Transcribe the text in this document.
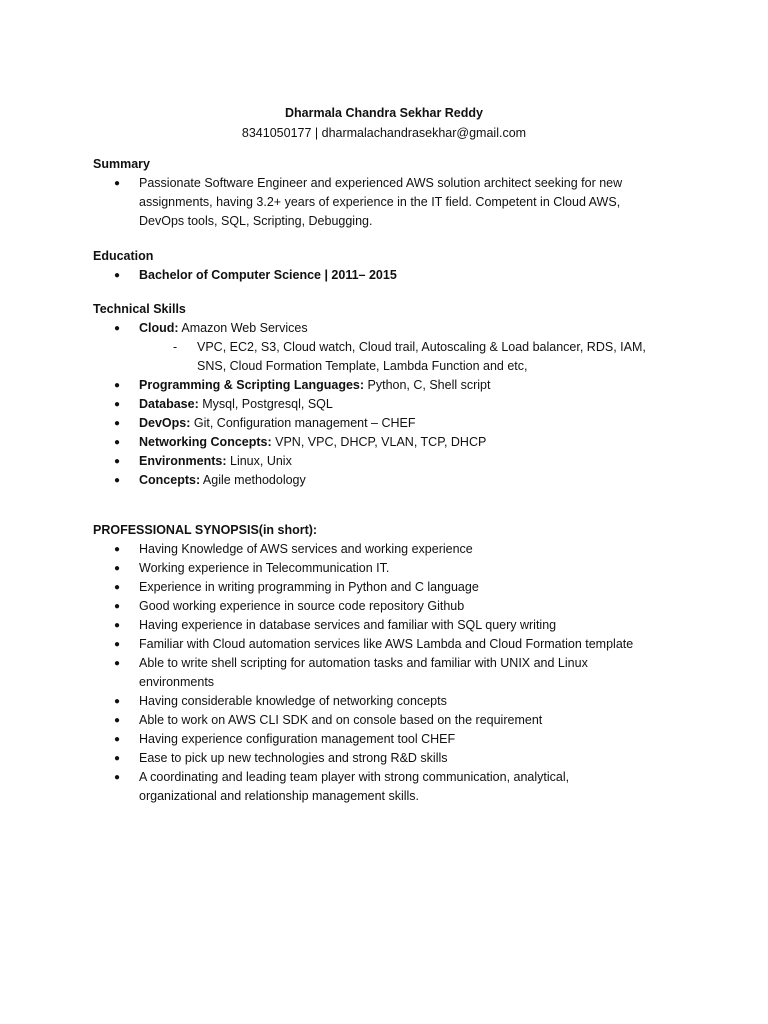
Dharmala Chandra Sekhar Reddy
8341050177 | dharmalachandrasekhar@gmail.com
Summary
● Passionate Software Engineer and experienced AWS solution architect seeking for new
assignments, having 3.2+ years of experience in the IT field. Competent in Cloud AWS,
DevOps tools, SQL, Scripting, Debugging.
Education
● Bachelor of Computer Science | 2011– 2015
Technical Skills
● Cloud: Amazon Web Services
- VPC, EC2, S3, Cloud watch, Cloud trail, Autoscaling & Load balancer, RDS, IAM,
SNS, Cloud Formation Template, Lambda Function and etc,
● Programming & Scripting Languages: Python, C, Shell script
● Database: Mysql, Postgresql, SQL
● DevOps: Git, Configuration management – CHEF
● Networking Concepts: VPN, VPC, DHCP, VLAN, TCP, DHCP
● Environments: Linux, Unix
● Concepts: Agile methodology
PROFESSIONAL SYNOPSIS(in short):
● Having Knowledge of AWS services and working experience
● Working experience in Telecommunication IT.
● Experience in writing programming in Python and C language
● Good working experience in source code repository Github
● Having experience in database services and familiar with SQL query writing
● Familiar with Cloud automation services like AWS Lambda and Cloud Formation template
● Able to write shell scripting for automation tasks and familiar with UNIX and Linux
environments
● Having considerable knowledge of networking concepts
● Able to work on AWS CLI SDK and on console based on the requirement
● Having experience configuration management tool CHEF
● Ease to pick up new technologies and strong R&D skills
● A coordinating and leading team player with strong communication, analytical,
organizational and relationship management skills.
